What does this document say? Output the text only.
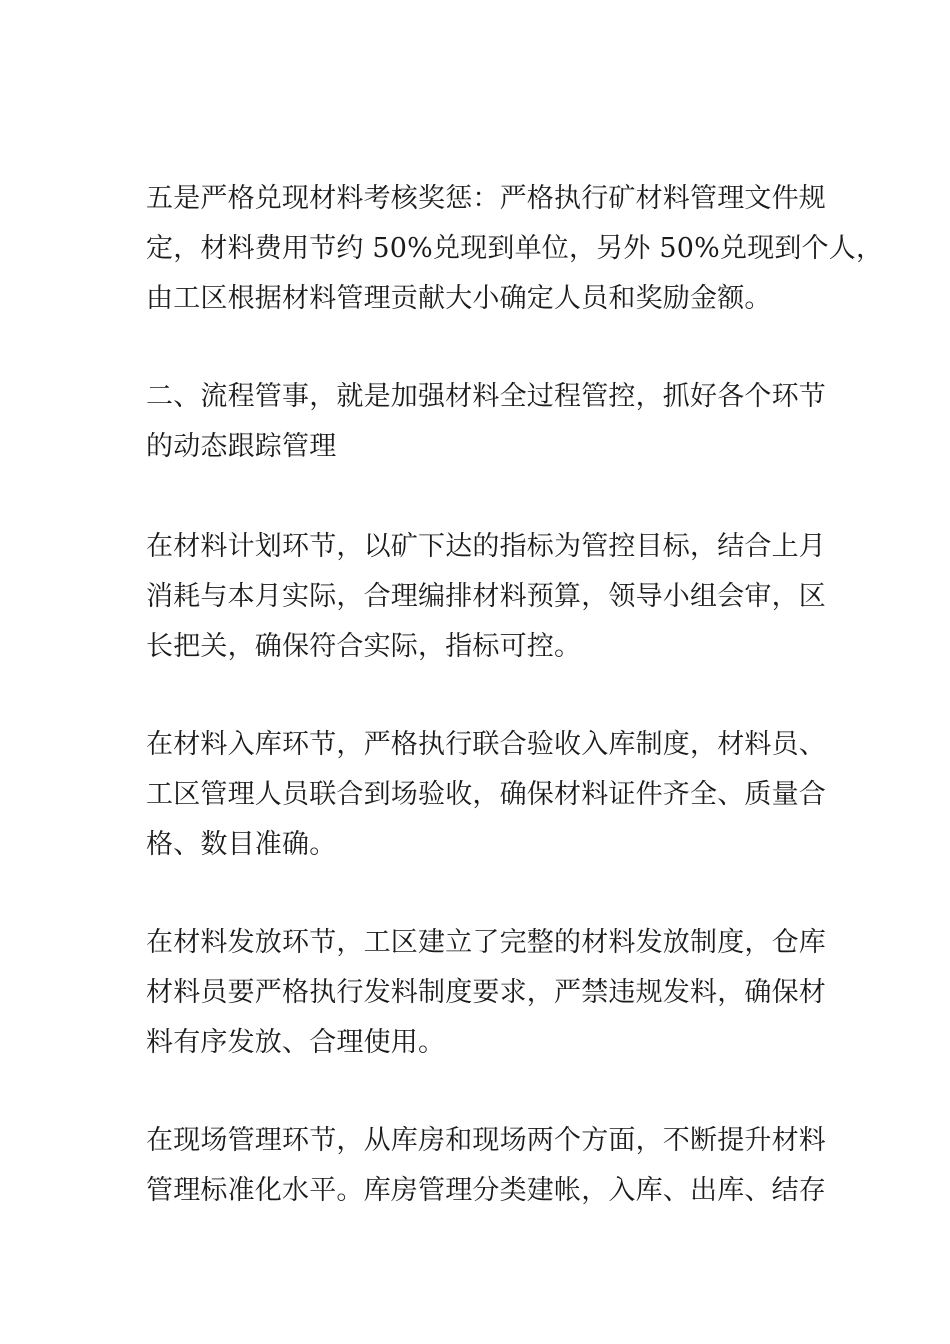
五是严格兑现材料考核奖惩：严格执行矿材料管理文件规
定，材料费用节约 50%兑现到单位，另外 50%兑现到个人，
由工区根据材料管理贡献大小确定人员和奖励金额。
二、流程管事，就是加强材料全过程管控，抓好各个环节
的动态跟踪管理
在材料计划环节，以矿下达的指标为管控目标，结合上月
消耗与本月实际，合理编排材料预算，领导小组会审，区
长把关，确保符合实际，指标可控。
在材料入库环节，严格执行联合验收入库制度，材料员、
工区管理人员联合到场验收，确保材料证件齐全、质量合
格、数目准确。
在材料发放环节，工区建立了完整的材料发放制度，仓库
材料员要严格执行发料制度要求，严禁违规发料，确保材
料有序发放、合理使用。
在现场管理环节，从库房和现场两个方面，不断提升材料
管理标准化水平。库房管理分类建帐，入库、出库、结存
